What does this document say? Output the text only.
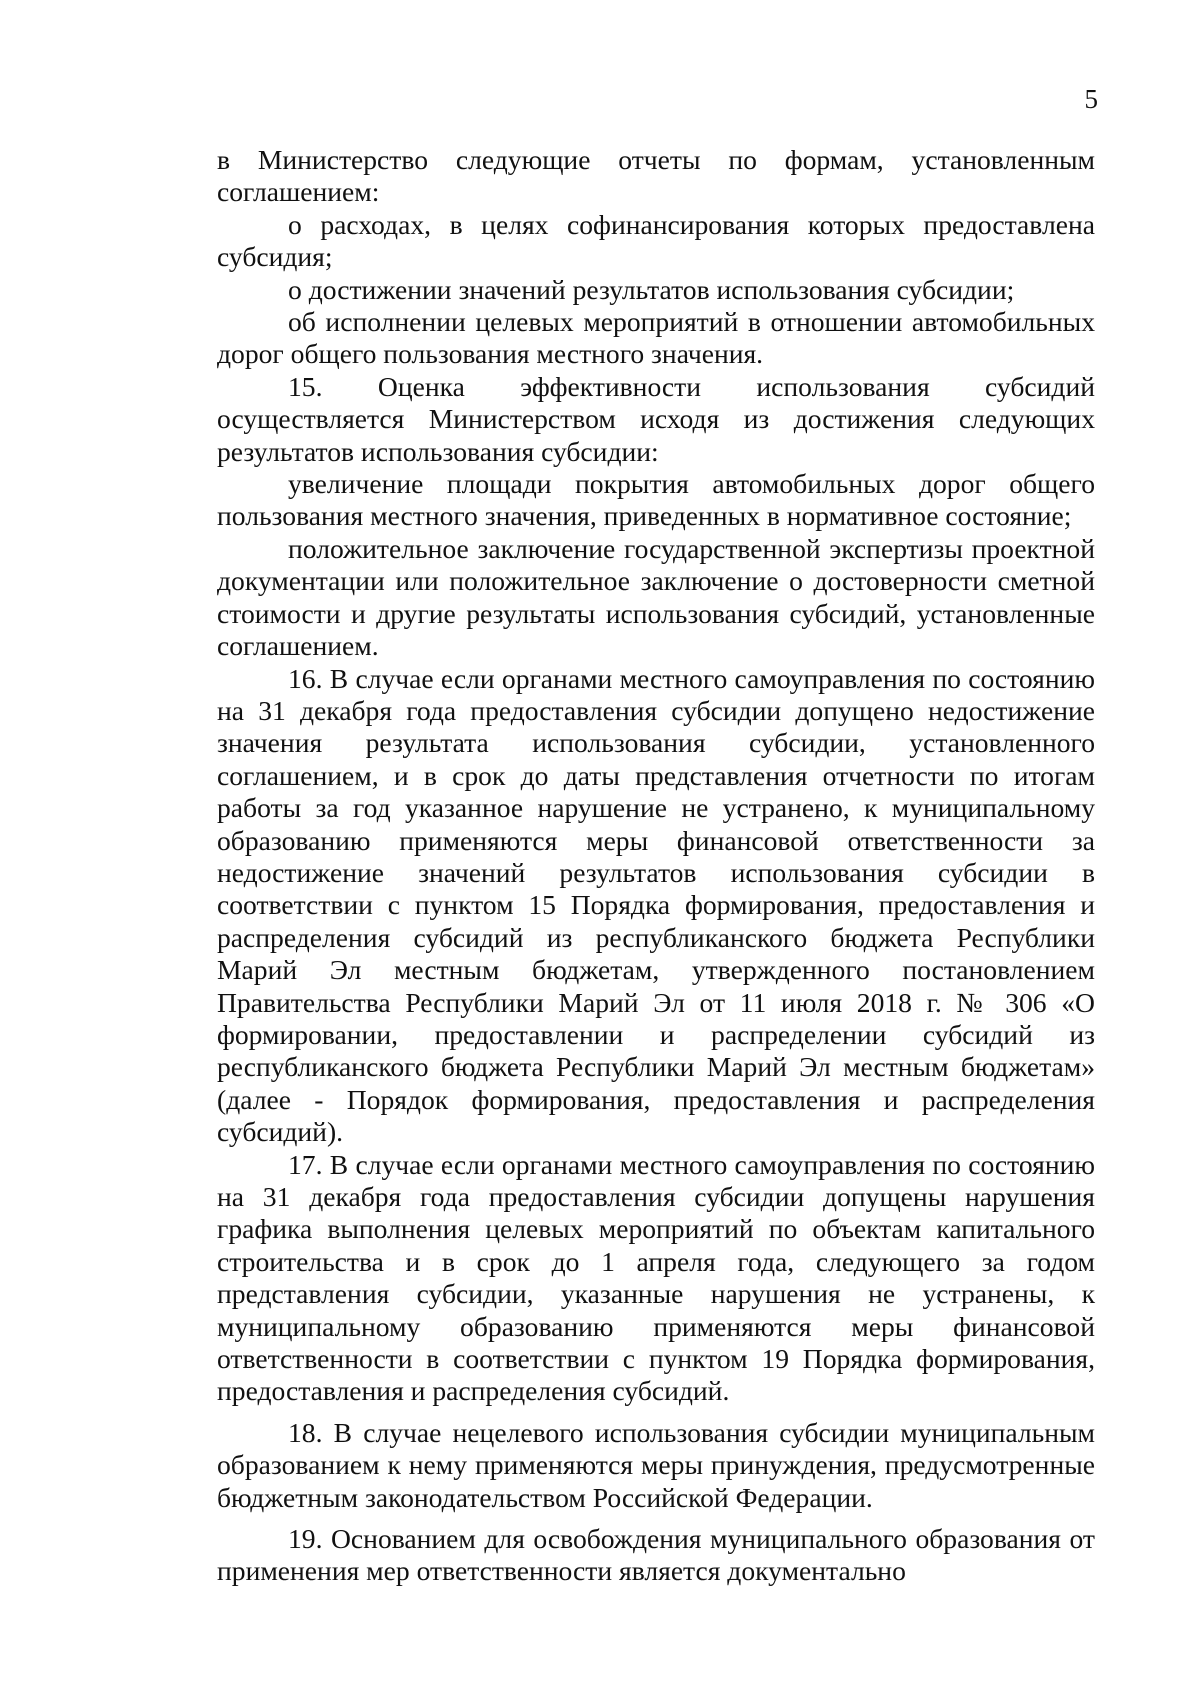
5

в Министерство следующие отчеты по формам, установленным соглашением:

о расходах, в целях софинансирования которых предоставлена субсидия;

о достижении значений результатов использования субсидии;

об исполнении целевых мероприятий в отношении автомобильных дорог общего пользования местного значения.

15. Оценка эффективности использования субсидий осуществляется Министерством исходя из достижения следующих результатов использования субсидии:

увеличение площади покрытия автомобильных дорог общего пользования местного значения, приведенных в нормативное состояние;

положительное заключение государственной экспертизы проектной документации или положительное заключение о достоверности сметной стоимости и другие результаты использования субсидий, установленные соглашением.

16. В случае если органами местного самоуправления по состоянию на 31 декабря года предоставления субсидии допущено недостижение значения результата использования субсидии, установленного соглашением, и в срок до даты представления отчетности по итогам работы за год указанное нарушение не устранено, к муниципальному образованию применяются меры финансовой ответственности за недостижение значений результатов использования субсидии в соответствии с пунктом 15 Порядка формирования, предоставления и распределения субсидий из республиканского бюджета Республики Марий Эл местным бюджетам, утвержденного постановлением Правительства Республики Марий Эл от 11 июля 2018 г. № 306 «О формировании, предоставлении и распределении субсидий из республиканского бюджета Республики Марий Эл местным бюджетам» (далее - Порядок формирования, предоставления и распределения субсидий).

17. В случае если органами местного самоуправления по состоянию на 31 декабря года предоставления субсидии допущены нарушения графика выполнения целевых мероприятий по объектам капитального строительства и в срок до 1 апреля года, следующего за годом представления субсидии, указанные нарушения не устранены, к муниципальному образованию применяются меры финансовой ответственности в соответствии с пунктом 19 Порядка формирования, предоставления и распределения субсидий.

18. В случае нецелевого использования субсидии муниципальным образованием к нему применяются меры принуждения, предусмотренные бюджетным законодательством Российской Федерации.

19. Основанием для освобождения муниципального образования от применения мер ответственности является документально
